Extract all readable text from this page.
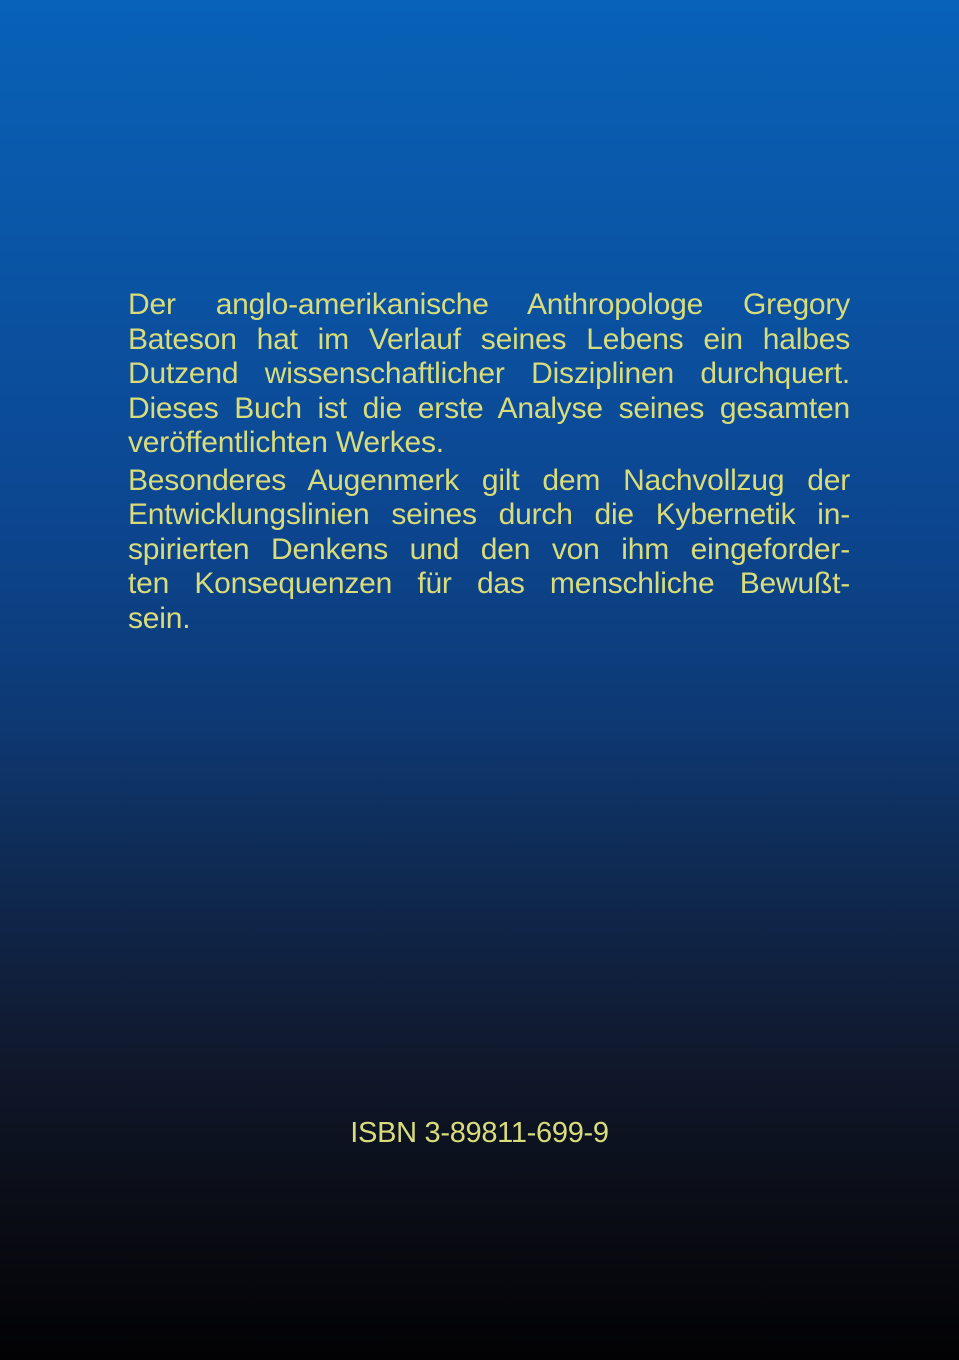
Der anglo-amerikanische Anthropologe Gregory
Bateson hat im Verlauf seines Lebens ein halbes
Dutzend wissenschaftlicher Disziplinen durchquert.
Dieses Buch ist die erste Analyse seines gesamten
veröffentlichten Werkes.

Besonderes Augenmerk gilt dem Nachvollzug der
Entwicklungslinien seines durch die Kybernetik in-
spirierten Denkens und den von ihm eingeforder-
ten Konsequenzen für das menschliche Bewußt-
sein.

ISBN 3-89811-699-9
